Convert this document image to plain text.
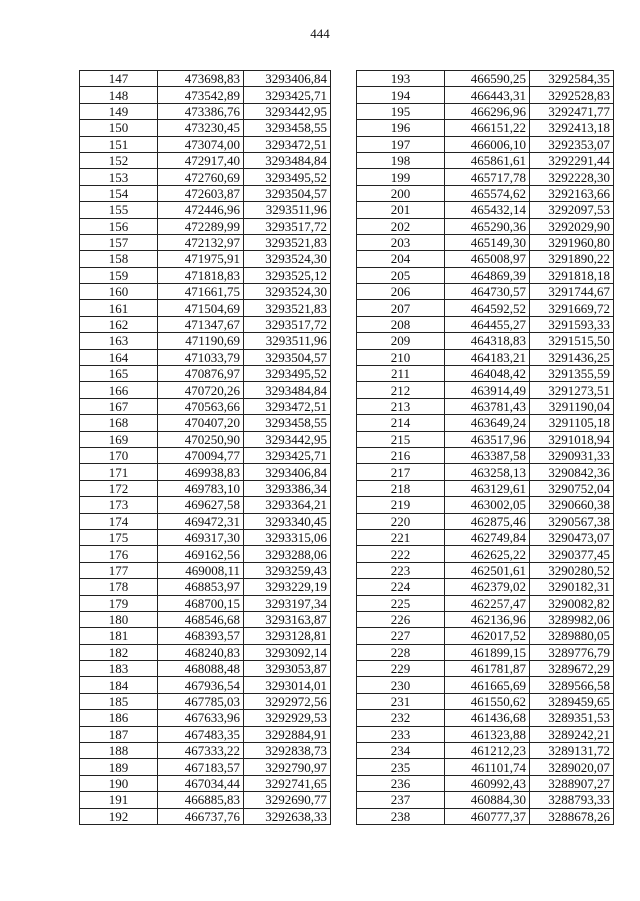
444
147	473698,83	3293406,84
148	473542,89	3293425,71
149	473386,76	3293442,95
150	473230,45	3293458,55
151	473074,00	3293472,51
152	472917,40	3293484,84
153	472760,69	3293495,52
154	472603,87	3293504,57
155	472446,96	3293511,96
156	472289,99	3293517,72
157	472132,97	3293521,83
158	471975,91	3293524,30
159	471818,83	3293525,12
160	471661,75	3293524,30
161	471504,69	3293521,83
162	471347,67	3293517,72
163	471190,69	3293511,96
164	471033,79	3293504,57
165	470876,97	3293495,52
166	470720,26	3293484,84
167	470563,66	3293472,51
168	470407,20	3293458,55
169	470250,90	3293442,95
170	470094,77	3293425,71
171	469938,83	3293406,84
172	469783,10	3293386,34
173	469627,58	3293364,21
174	469472,31	3293340,45
175	469317,30	3293315,06
176	469162,56	3293288,06
177	469008,11	3293259,43
178	468853,97	3293229,19
179	468700,15	3293197,34
180	468546,68	3293163,87
181	468393,57	3293128,81
182	468240,83	3293092,14
183	468088,48	3293053,87
184	467936,54	3293014,01
185	467785,03	3292972,56
186	467633,96	3292929,53
187	467483,35	3292884,91
188	467333,22	3292838,73
189	467183,57	3292790,97
190	467034,44	3292741,65
191	466885,83	3292690,77
192	466737,76	3292638,33
193	466590,25	3292584,35
194	466443,31	3292528,83
195	466296,96	3292471,77
196	466151,22	3292413,18
197	466006,10	3292353,07
198	465861,61	3292291,44
199	465717,78	3292228,30
200	465574,62	3292163,66
201	465432,14	3292097,53
202	465290,36	3292029,90
203	465149,30	3291960,80
204	465008,97	3291890,22
205	464869,39	3291818,18
206	464730,57	3291744,67
207	464592,52	3291669,72
208	464455,27	3291593,33
209	464318,83	3291515,50
210	464183,21	3291436,25
211	464048,42	3291355,59
212	463914,49	3291273,51
213	463781,43	3291190,04
214	463649,24	3291105,18
215	463517,96	3291018,94
216	463387,58	3290931,33
217	463258,13	3290842,36
218	463129,61	3290752,04
219	463002,05	3290660,38
220	462875,46	3290567,38
221	462749,84	3290473,07
222	462625,22	3290377,45
223	462501,61	3290280,52
224	462379,02	3290182,31
225	462257,47	3290082,82
226	462136,96	3289982,06
227	462017,52	3289880,05
228	461899,15	3289776,79
229	461781,87	3289672,29
230	461665,69	3289566,58
231	461550,62	3289459,65
232	461436,68	3289351,53
233	461323,88	3289242,21
234	461212,23	3289131,72
235	461101,74	3289020,07
236	460992,43	3288907,27
237	460884,30	3288793,33
238	460777,37	3288678,26
